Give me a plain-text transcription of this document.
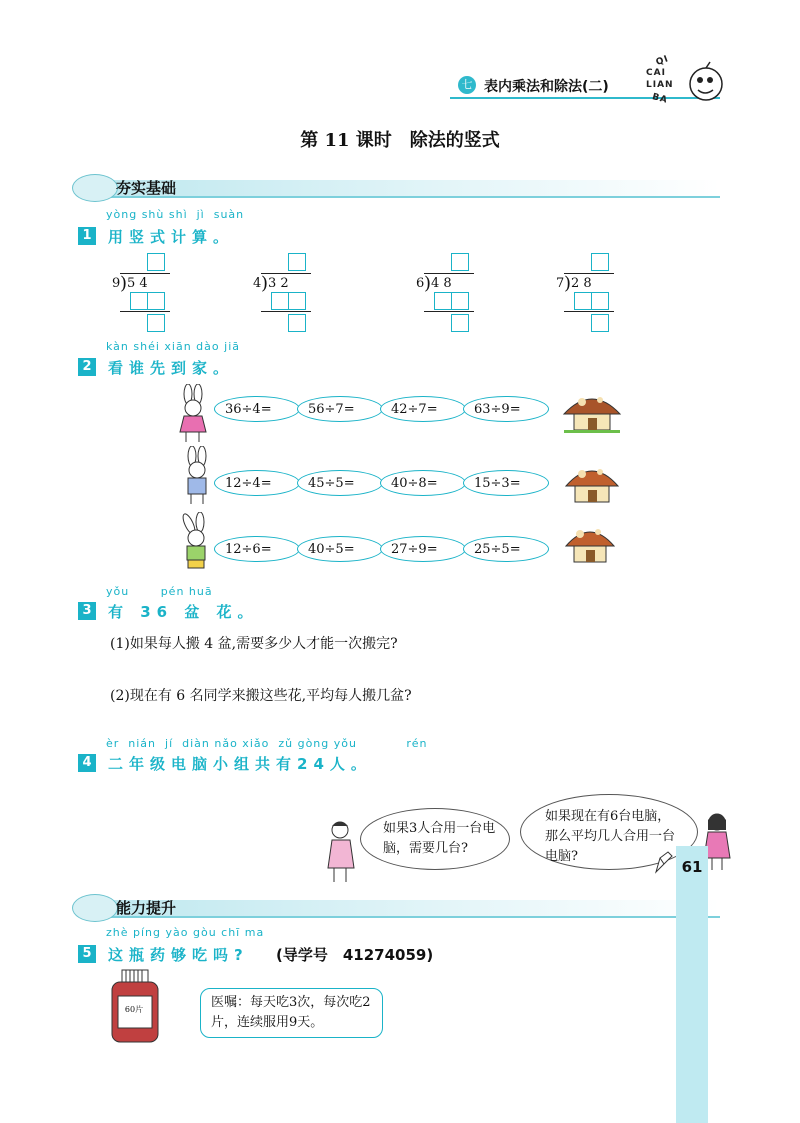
七 表内乘法和除法(二)
QI
CAI
LIAN
BA
第 11 课时　除法的竖式
夯实基础
yòng shù shì  jì  suàn
1 用竖式计算。
9 ) 5 4	4 ) 3 2	6 ) 4 8	7 ) 2 8
kàn shéi xiān dào jiā
2 看谁先到家。
36÷4=	56÷7=	42÷7=	63÷9=
12÷4=	45÷5=	40÷8=	15÷3=
12÷6=	40÷5=	27÷9=	25÷5=
yǒu       pén huā
3 有 36 盆 花。
(1)如果每人搬 4 盆,需要多少人才能一次搬完?
(2)现在有 6 名同学来搬这些花,平均每人搬几盆?
èr  nián  jí  diàn nǎo xiǎo  zǔ gòng yǒu           rén
4 二年级电脑小组共有24人。
如果3人合用一台电脑，需要几台?
如果现在有6台电脑，那么平均几人合用一台电脑?
能力提升
zhè píng yào gòu chī ma
5 这瓶药够吃吗? (导学号　41274059)
60片	医嘱：每天吃3次，每次吃2片，连续服用9天。
61
